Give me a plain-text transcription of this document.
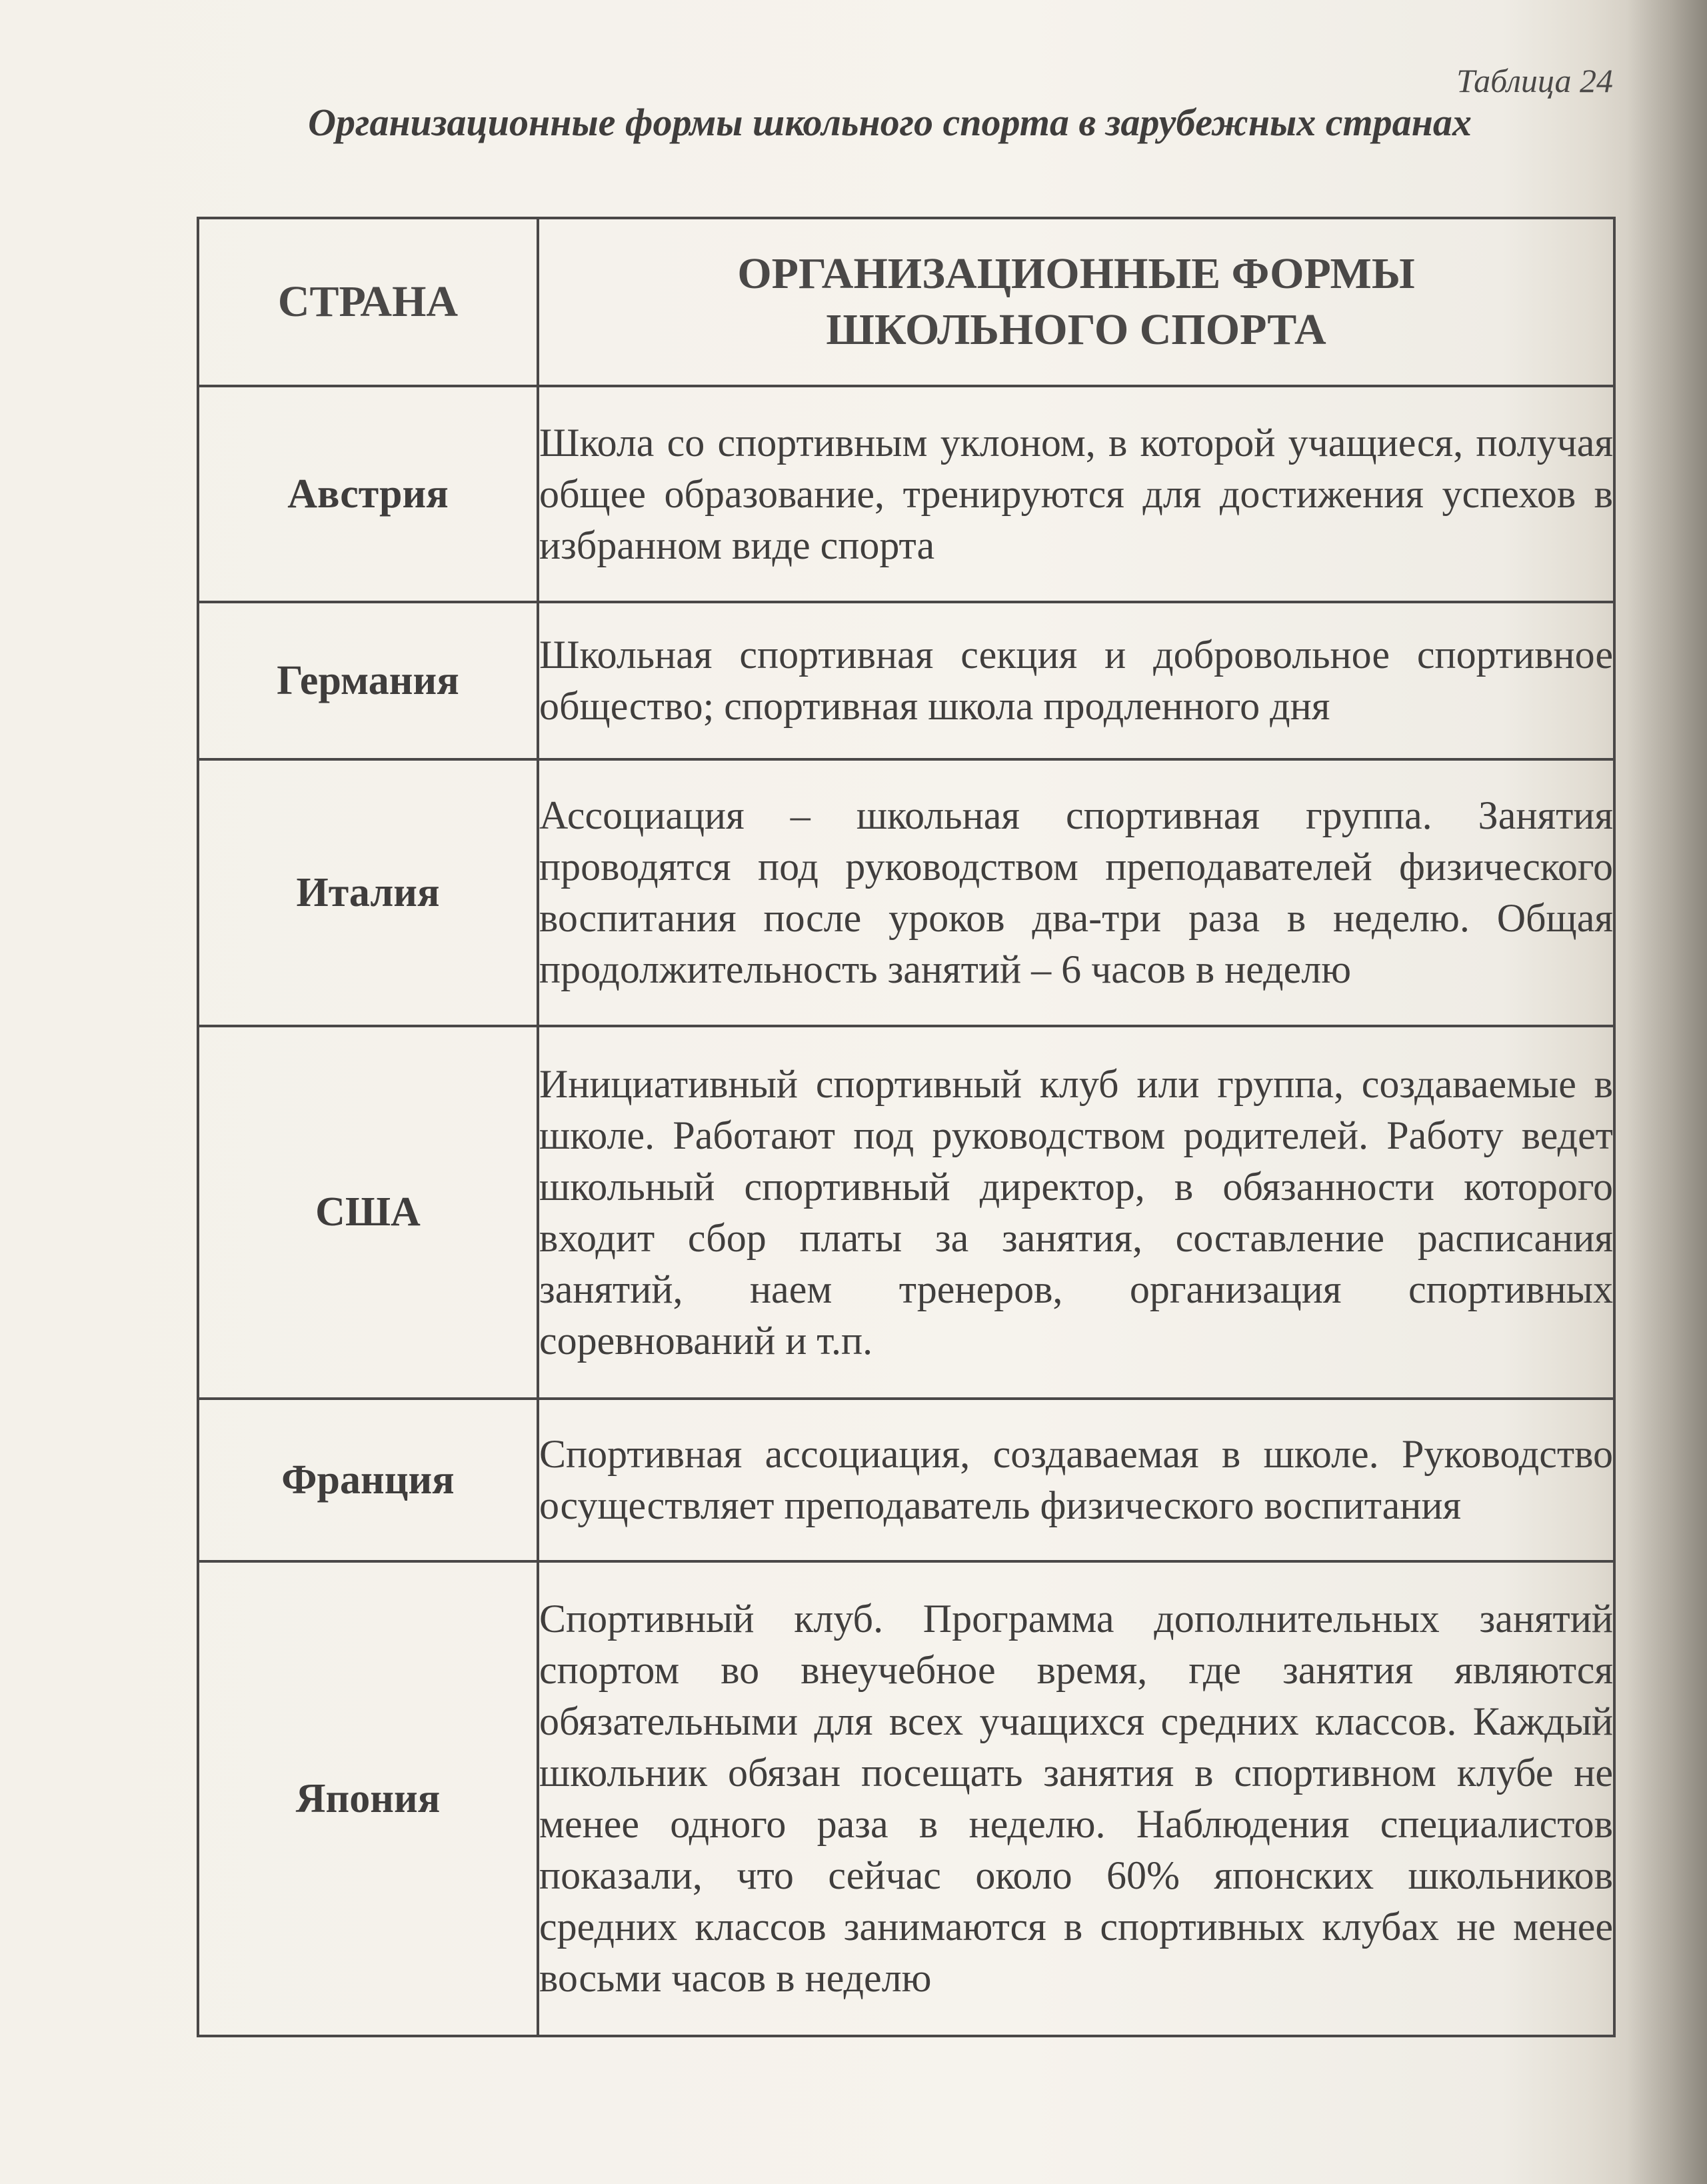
Таблица 24
Организационные формы школьного спорта в зарубежных странах
СТРАНА	ОРГАНИЗАЦИОННЫЕ ФОРМЫ ШКОЛЬНОГО СПОРТА
Австрия	Школа со спортивным уклоном, в которой учащиеся, получая общее образование, тренируются для достижения успехов в избранном виде спорта
Германия	Школьная спортивная секция и добровольное спортивное общество; спортивная школа продленного дня
Италия	Ассоциация – школьная спортивная группа. Занятия проводятся под руководством преподавателей физического воспитания после уроков два-три раза в неделю. Общая продолжительность занятий – 6 часов в неделю
США	Инициативный спортивный клуб или группа, создаваемые в школе. Работают под руководством родителей. Работу ведет школьный спортивный директор, в обязанности которого входит сбор платы за занятия, составление расписания занятий, наем тренеров, организация спортивных соревнований и т.п.
Франция	Спортивная ассоциация, создаваемая в школе. Руководство осуществляет преподаватель физического воспитания
Япония	Спортивный клуб. Программа дополнительных занятий спортом во внеучебное время, где занятия являются обязательными для всех учащихся средних классов. Каждый школьник обязан посещать занятия в спортивном клубе не менее одного раза в неделю. Наблюдения специалистов показали, что сейчас около 60% японских школьников средних классов занимаются в спортивных клубах не менее восьми часов в неделю
